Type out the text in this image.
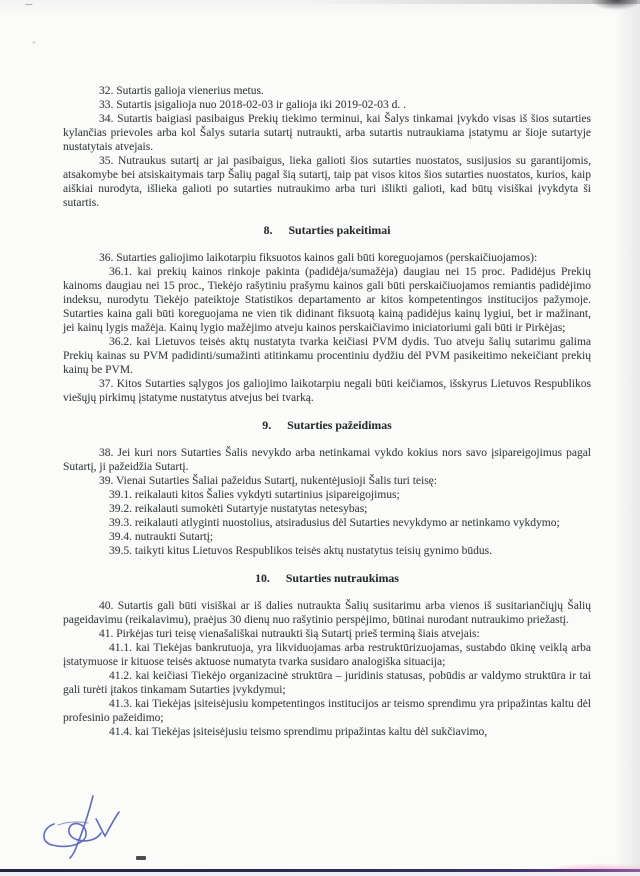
32. Sutartis galioja vienerius metus.

33. Sutartis įsigalioja nuo 2018-02-03 ir galioja iki 2019-02-03 d. .

34. Sutartis baigiasi pasibaigus Prekių tiekimo terminui, kai Šalys tinkamai įvykdo visas iš šios sutarties kylančias prievoles arba kol Šalys sutaria sutartį nutraukti, arba sutartis nutraukiama įstatymu ar šioje sutartyje nustatytais atvejais.

35. Nutraukus sutartį ar jai pasibaigus, lieka galioti šios sutarties nuostatos, susijusios su garantijomis, atsakomybe bei atsiskaitymais tarp Šalių pagal šią sutartį, taip pat visos kitos šios sutarties nuostatos, kurios, kaip aiškiai nurodyta, išlieka galioti po sutarties nutraukimo arba turi išlikti galioti, kad būtų visiškai įvykdyta ši sutartis.

8. Sutarties pakeitimai

36. Sutarties galiojimo laikotarpiu fiksuotos kainos gali būti koreguojamos (perskaičiuojamos):

36.1. kai prekių kainos rinkoje pakinta (padidėja/sumažėja) daugiau nei 15 proc. Padidėjus Prekių kainoms daugiau nei 15 proc., Tiekėjo rašytiniu prašymu kainos gali būti perskaičiuojamos remiantis padidėjimo indeksu, nurodytu Tiekėjo pateiktoje Statistikos departamento ar kitos kompetentingos institucijos pažymoje. Sutarties kaina gali būti koreguojama ne vien tik didinant fiksuotą kainą padidėjus kainų lygiui, bet ir mažinant, jei kainų lygis mažėja. Kainų lygio mažėjimo atveju kainos perskaičiavimo iniciatoriumi gali būti ir Pirkėjas;

36.2. kai Lietuvos teisės aktų nustatyta tvarka keičiasi PVM dydis. Tuo atveju šalių sutarimu galima Prekių kainas su PVM padidinti/sumažinti atitinkamu procentiniu dydžiu dėl PVM pasikeitimo nekeičiant prekių kainų be PVM.

37. Kitos Sutarties sąlygos jos galiojimo laikotarpiu negali būti keičiamos, išskyrus Lietuvos Respublikos viešųjų pirkimų įstatyme nustatytus atvejus bei tvarką.

9. Sutarties pažeidimas

38. Jei kuri nors Sutarties Šalis nevykdo arba netinkamai vykdo kokius nors savo įsipareigojimus pagal Sutartį, ji pažeidžia Sutartį.

39. Vienai Sutarties Šaliai pažeidus Sutartį, nukentėjusioji Šalis turi teisę:

39.1. reikalauti kitos Šalies vykdyti sutartinius įsipareigojimus;

39.2. reikalauti sumokėti Sutartyje nustatytas netesybas;

39.3. reikalauti atlyginti nuostolius, atsiradusius dėl Sutarties nevykdymo ar netinkamo vykdymo;

39.4. nutraukti Sutartį;

39.5. taikyti kitus Lietuvos Respublikos teisės aktų nustatytus teisių gynimo būdus.

10. Sutarties nutraukimas

40. Sutartis gali būti visiškai ar iš dalies nutraukta Šalių susitarimu arba vienos iš susitariančiųjų Šalių pageidavimu (reikalavimu), praėjus 30 dienų nuo rašytinio perspėjimo, būtinai nurodant nutraukimo priežastį.

41. Pirkėjas turi teisę vienašališkai nutraukti šią Sutartį prieš terminą šiais atvejais:

41.1. kai Tiekėjas bankrutuoja, yra likviduojamas arba restruktūrizuojamas, sustabdo ūkinę veiklą arba įstatymuose ir kituose teisės aktuose numatyta tvarka susidaro analogiška situacija;

41.2. kai keičiasi Tiekėjo organizacinė struktūra – juridinis statusas, pobūdis ar valdymo struktūra ir tai gali turėti įtakos tinkamam Sutarties įvykdymui;

41.3. kai Tiekėjas įsiteisėjusiu kompetentingos institucijos ar teismo sprendimu yra pripažintas kaltu dėl profesinio pažeidimo;

41.4. kai Tiekėjas įsiteisėjusiu teismo sprendimu pripažintas kaltu dėl sukčiavimo,
